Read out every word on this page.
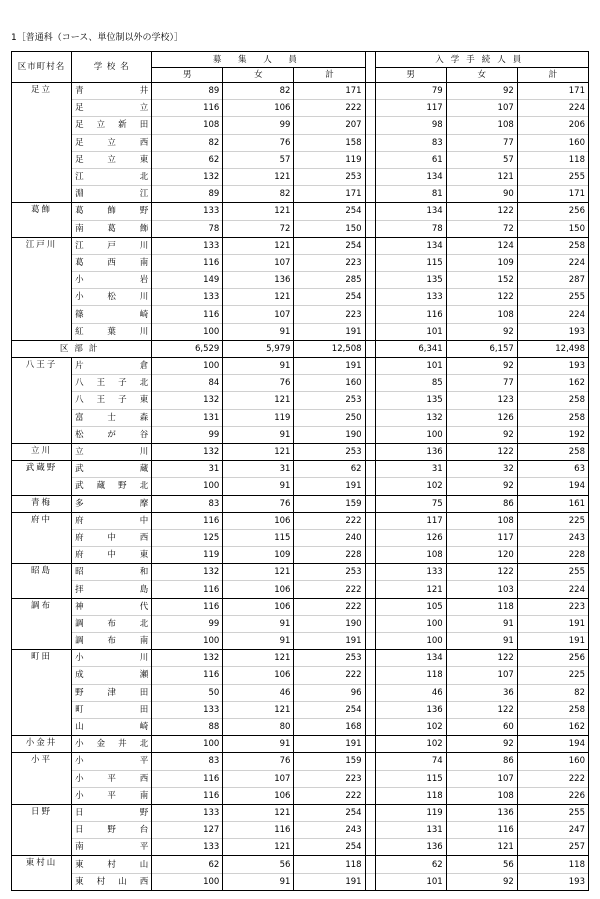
1［普通科（コース、単位制以外の学校）］
区市町村名	学 校 名	募 集 人 員				入学手続人員		
		男	女	計		男	女	計
足立	青井	89	82	171		79	92	171
	足立	116	106	222		117	107	224
	足立新田	108	99	207		98	108	206
	足立西	82	76	158		83	77	160
	足立東	62	57	119		61	57	118
	江北	132	121	253		134	121	255
	淵江	89	82	171		81	90	171
葛飾	葛飾野	133	121	254		134	122	256
	南葛飾	78	72	150		78	72	150
江戸川	江戸川	133	121	254		134	124	258
	葛西南	116	107	223		115	109	224
	小岩	149	136	285		135	152	287
	小松川	133	121	254		133	122	255
	篠崎	116	107	223		116	108	224
	紅葉川	100	91	191		101	92	193
区部計		6,529	5,979	12,508		6,341	6,157	12,498
八王子	片倉	100	91	191		101	92	193
	八王子北	84	76	160		85	77	162
	八王子東	132	121	253		135	123	258
	富士森	131	119	250		132	126	258
	松が谷	99	91	190		100	92	192
立川	立川	132	121	253		136	122	258
武蔵野	武蔵	31	31	62		31	32	63
	武蔵野北	100	91	191		102	92	194
青梅	多摩	83	76	159		75	86	161
府中	府中	116	106	222		117	108	225
	府中西	125	115	240		126	117	243
	府中東	119	109	228		108	120	228
昭島	昭和	132	121	253		133	122	255
	拝島	116	106	222		121	103	224
調布	神代	116	106	222		105	118	223
	調布北	99	91	190		100	91	191
	調布南	100	91	191		100	91	191
町田	小川	132	121	253		134	122	256
	成瀬	116	106	222		118	107	225
	野津田	50	46	96		46	36	82
	町田	133	121	254		136	122	258
	山崎	88	80	168		102	60	162
小金井	小金井北	100	91	191		102	92	194
小平	小平	83	76	159		74	86	160
	小平西	116	107	223		115	107	222
	小平南	116	106	222		118	108	226
日野	日野	133	121	254		119	136	255
	日野台	127	116	243		131	116	247
	南平	133	121	254		136	121	257
東村山	東村山	62	56	118		62	56	118
	東村山西	100	91	191		101	92	193
